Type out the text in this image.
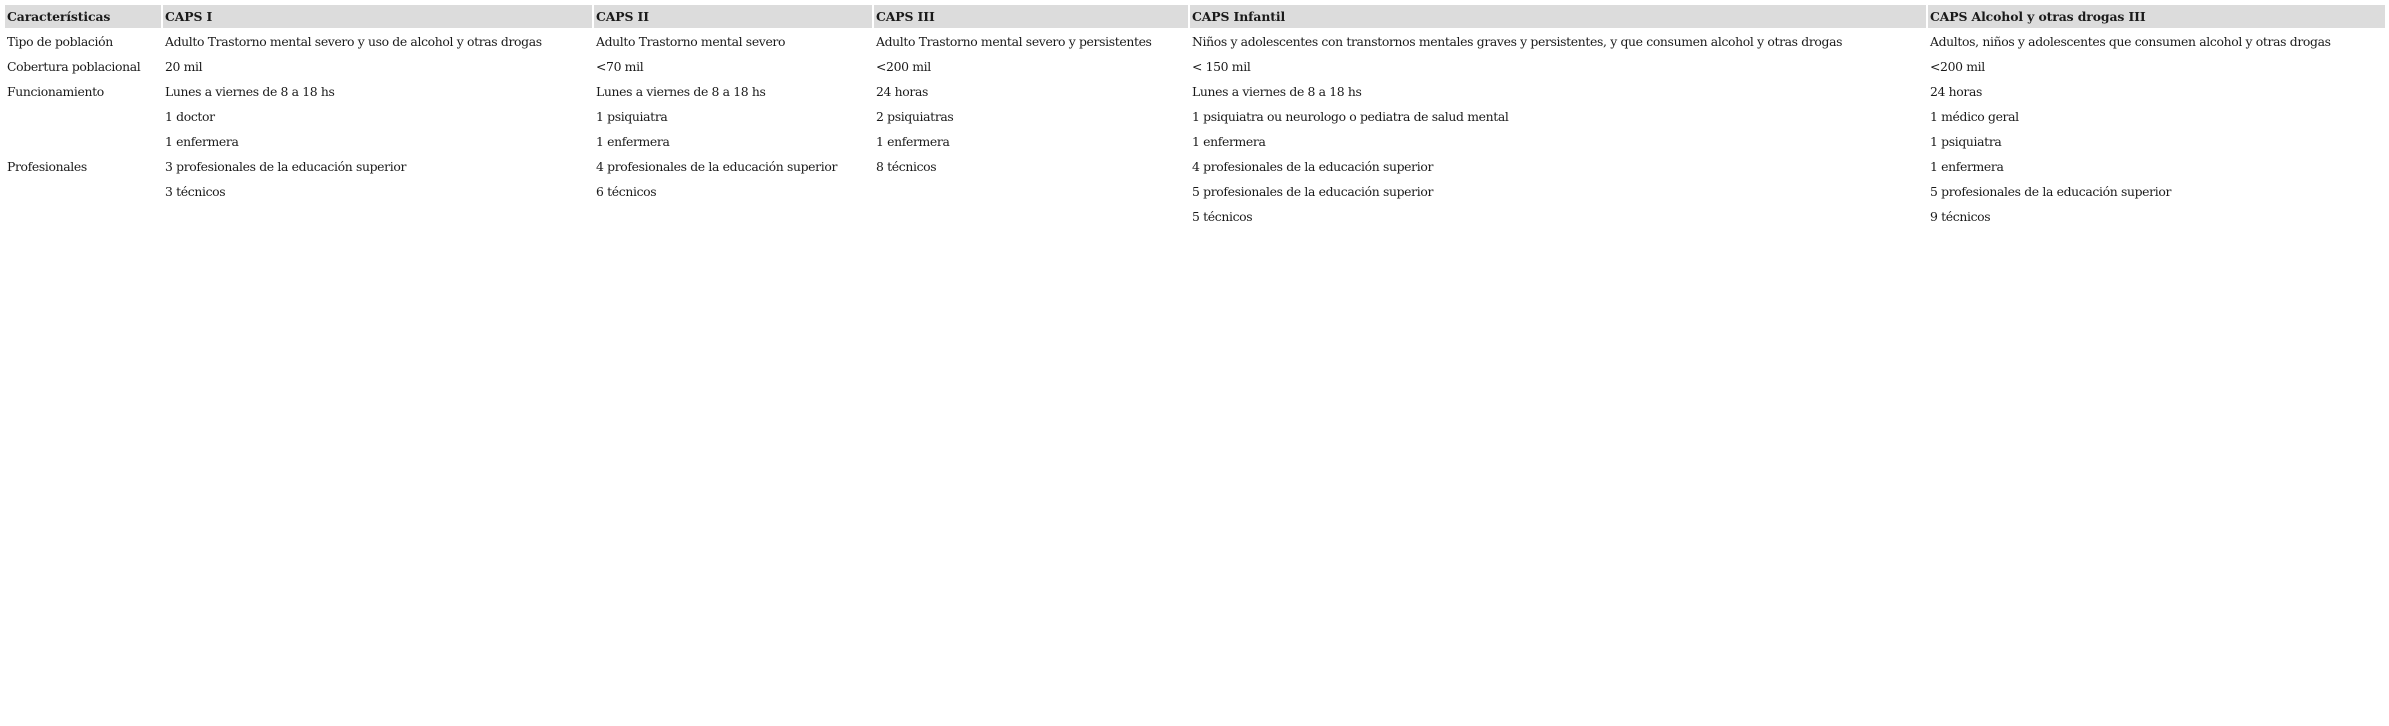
Características	CAPS I	CAPS II	CAPS III	CAPS Infantil	CAPS Alcohol y otras drogas III
Tipo de población	Adulto Trastorno mental severo y uso de alcohol y otras drogas	Adulto Trastorno mental severo	Adulto Trastorno mental severo y persistentes	Niños y adolescentes con transtornos mentales graves y persistentes, y que consumen alcohol y otras drogas	Adultos, niños y adolescentes que consumen alcohol y otras drogas
Cobertura poblacional	20 mil	<70 mil	<200 mil	< 150 mil	<200 mil
Funcionamiento	Lunes a viernes de 8 a 18 hs	Lunes a viernes de 8 a 18 hs	24 horas	Lunes a viernes de 8 a 18 hs	24 horas
	1 doctor	1 psiquiatra	2 psiquiatras	1 psiquiatra ou neurologo o pediatra de salud mental	1 médico geral
	1 enfermera	1 enfermera	1 enfermera	1 enfermera	1 psiquiatra
Profesionales	3 profesionales de la educación superior	4 profesionales de la educación superior	8 técnicos	4 profesionales de la educación superior	1 enfermera
	3 técnicos	6 técnicos		5 profesionales de la educación superior	5 profesionales de la educación superior
				5 técnicos	9 técnicos
